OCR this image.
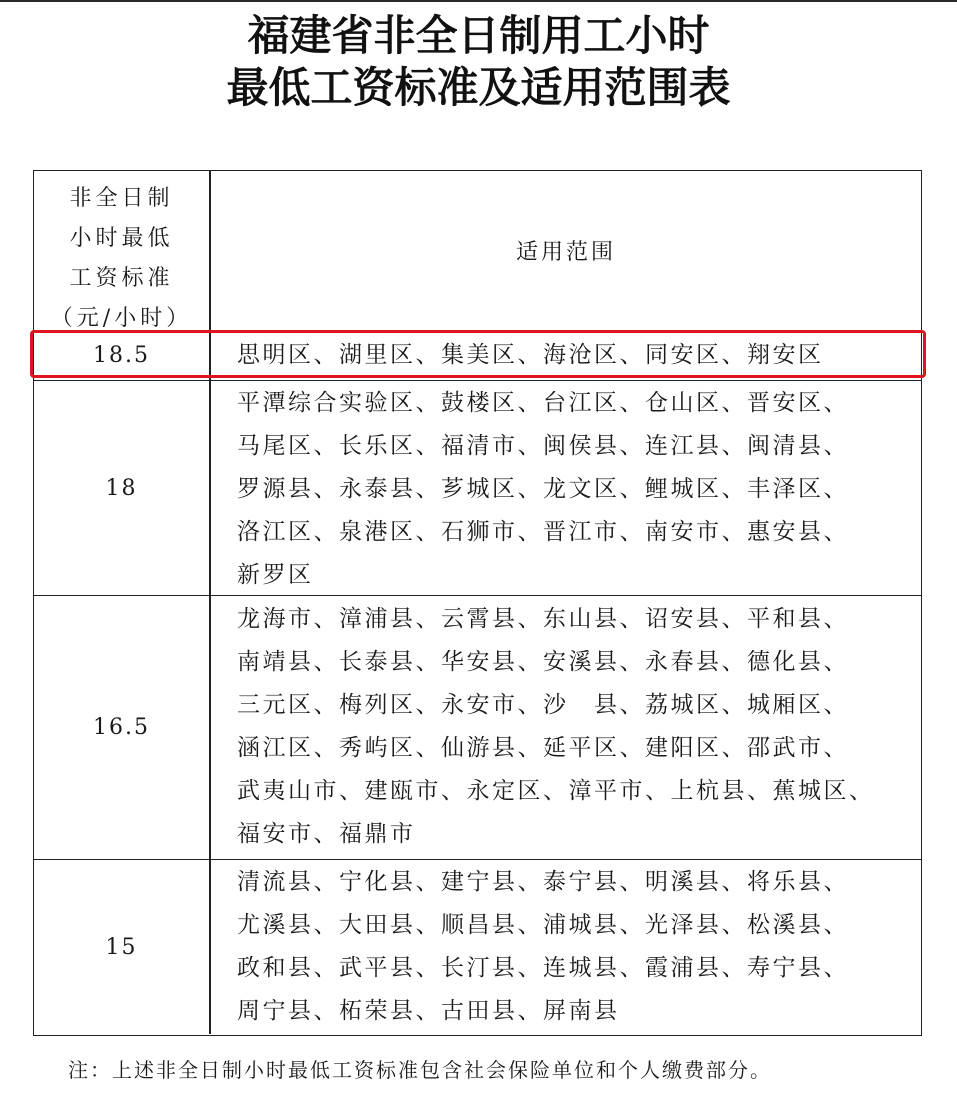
福建省非全日制用工小时
最低工资标准及适用范围表
非全日制
小时最低
工资标准
（元/小时）
适用范围
18.5	思明区、湖里区、集美区、海沧区、同安区、翔安区
18
平潭综合实验区、鼓楼区、台江区、仓山区、晋安区、
马尾区、长乐区、福清市、闽侯县、连江县、闽清县、
罗源县、永泰县、芗城区、龙文区、鲤城区、丰泽区、
洛江区、泉港区、石狮市、晋江市、南安市、惠安县、
新罗区
16.5
龙海市、漳浦县、云霄县、东山县、诏安县、平和县、
南靖县、长泰县、华安县、安溪县、永春县、德化县、
三元区、梅列区、永安市、沙　县、荔城区、城厢区、
涵江区、秀屿区、仙游县、延平区、建阳区、邵武市、
武夷山市、建瓯市、永定区、漳平市、上杭县、蕉城区、
福安市、福鼎市
15
清流县、宁化县、建宁县、泰宁县、明溪县、将乐县、
尤溪县、大田县、顺昌县、浦城县、光泽县、松溪县、
政和县、武平县、长汀县、连城县、霞浦县、寿宁县、
周宁县、柘荣县、古田县、屏南县
注：上述非全日制小时最低工资标准包含社会保险单位和个人缴费部分。
